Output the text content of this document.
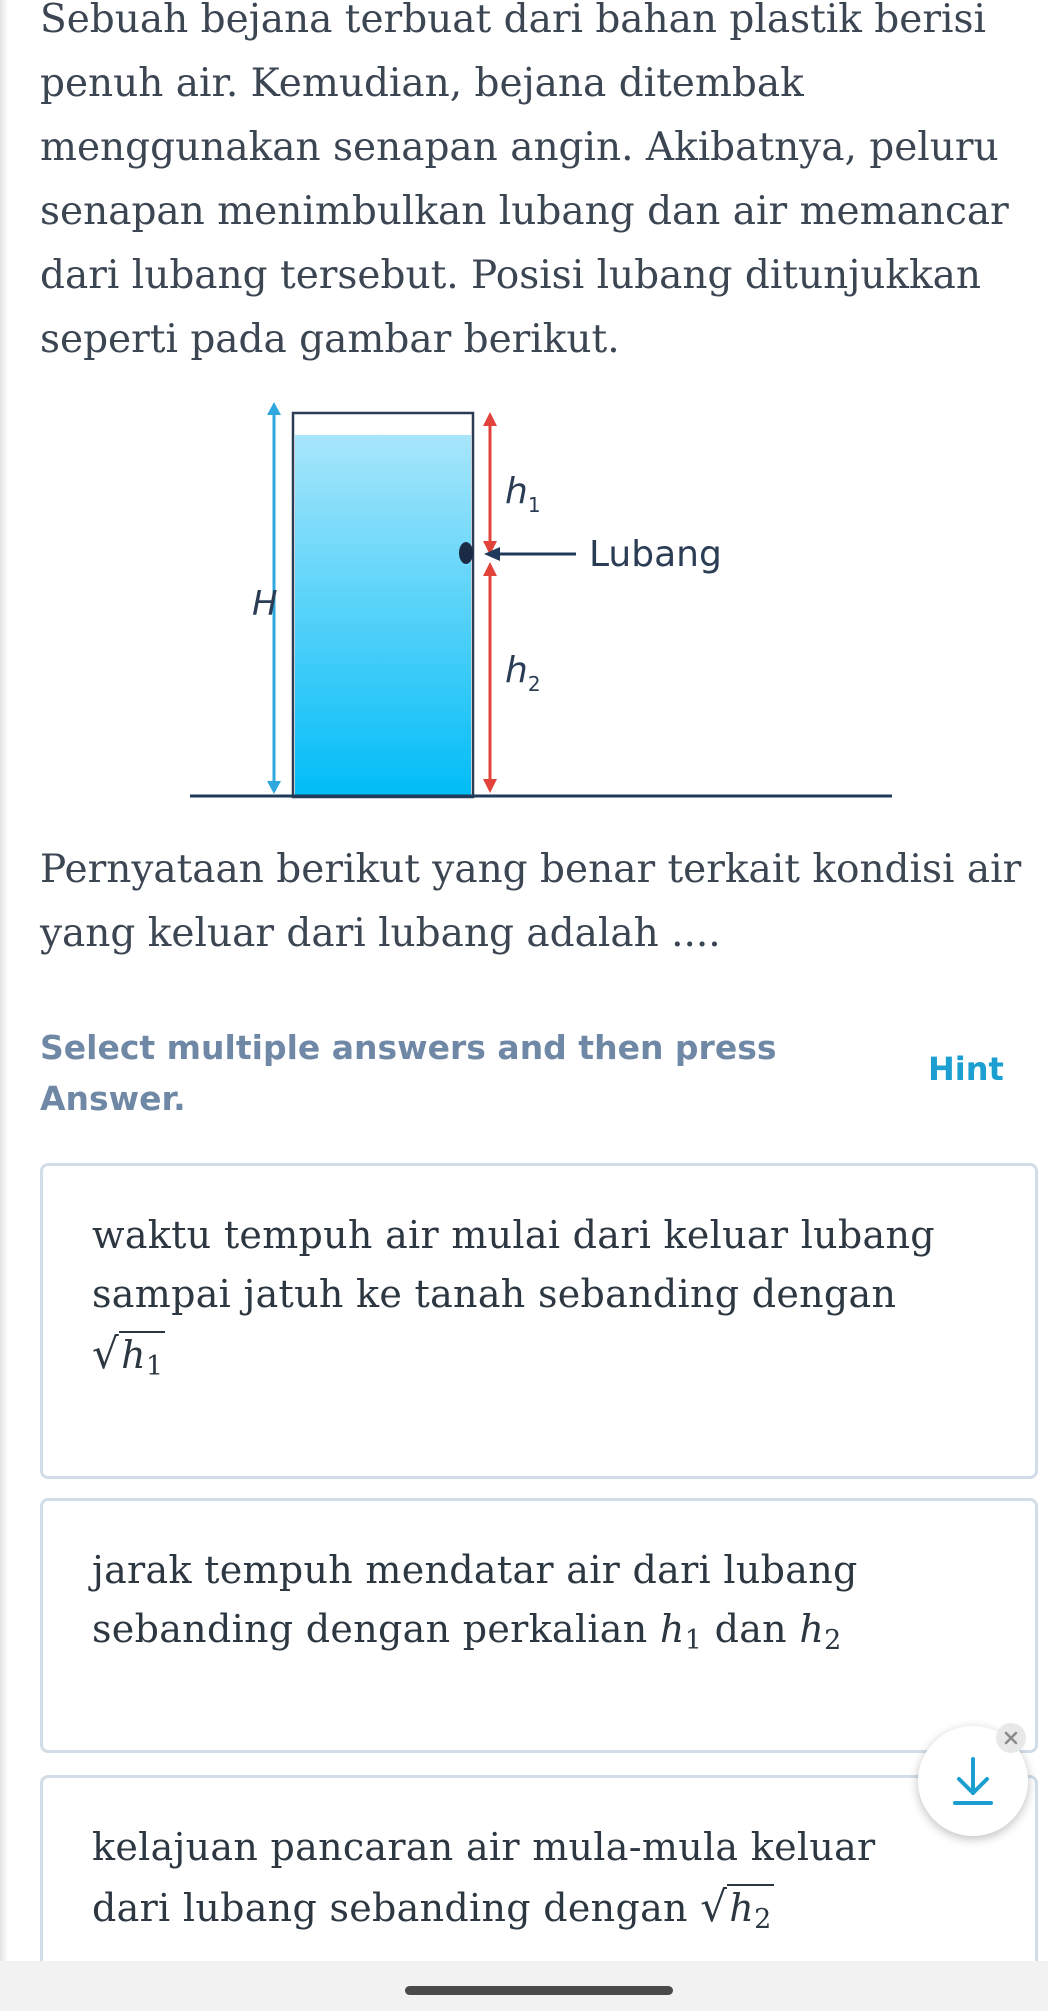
Sebuah bejana terbuat dari bahan plastik berisi
penuh air. Kemudian, bejana ditembak
menggunakan senapan angin. Akibatnya, peluru
senapan menimbulkan lubang dan air memancar
dari lubang tersebut. Posisi lubang ditunjukkan
seperti pada gambar berikut.

H
$h_1$
$h_2$
Lubang

Pernyataan berikut yang benar terkait kondisi air
yang keluar dari lubang adalah ....

Select multiple answers and then press
Answer.

Hint

waktu tempuh air mulai dari keluar lubang
sampai jatuh ke tanah sebanding dengan
$√h_1$

jarak tempuh mendatar air dari lubang
sebanding dengan perkalian $h_1$ dan $h_2$

kelajuan pancaran air mula-mula keluar
dari lubang sebanding dengan $√h_2$
